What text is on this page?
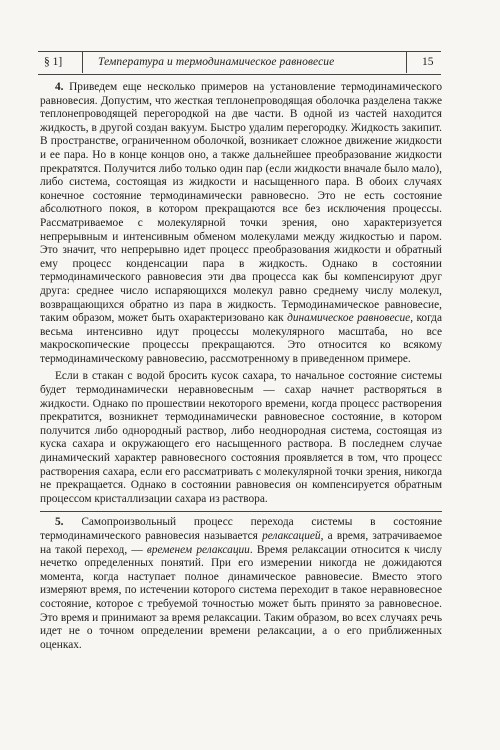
§ 1]	Температура и термодинамическое равновесие	15

4. Приведем еще несколько примеров на установление термодинамического равновесия. Допустим, что жесткая теплонепроводящая оболочка разделена также теплонепроводящей перегородкой на две части. В одной из частей находится жидкость, в другой создан вакуум. Быстро удалим перегородку. Жидкость закипит. В пространстве, ограниченном оболочкой, возникает сложное движение жидкости и ее пара. Но в конце концов оно, а также дальнейшее преобразование жидкости прекратятся. Получится либо только один пар (если жидкости вначале было мало), либо система, состоящая из жидкости и насыщенного пара. В обоих случаях конечное состояние термодинамически равновесно. Это не есть состояние абсолютного покоя, в котором прекращаются все без исключения процессы. Рассматриваемое с молекулярной точки зрения, оно характеризуется непрерывным и интенсивным обменом молекулами между жидкостью и паром. Это значит, что непрерывно идет процесс преобразования жидкости и обратный ему процесс конденсации пара в жидкость. Однако в состоянии термодинамического равновесия эти два процесса как бы компенсируют друг друга: среднее число испаряющихся молекул равно среднему числу молекул, возвращающихся обратно из пара в жидкость. Термодинамическое равновесие, таким образом, может быть охарактеризовано как динамическое равновесие, когда весьма интенсивно идут процессы молекулярного масштаба, но все макроскопические процессы прекращаются. Это относится ко всякому термодинамическому равновесию, рассмотренному в приведенном примере.

Если в стакан с водой бросить кусок сахара, то начальное состояние системы будет термодинамически неравновесным — сахар начнет растворяться в жидкости. Однако по прошествии некоторого времени, когда процесс растворения прекратится, возникнет термодинамически равновесное состояние, в котором получится либо однородный раствор, либо неоднородная система, состоящая из куска сахара и окружающего его насыщенного раствора. В последнем случае динамический характер равновесного состояния проявляется в том, что процесс растворения сахара, если его рассматривать с молекулярной точки зрения, никогда не прекращается. Однако в состоянии равновесия он компенсируется обратным процессом кристаллизации сахара из раствора.

5. Самопроизвольный процесс перехода системы в состояние термодинамического равновесия называется релаксацией, а время, затрачиваемое на такой переход, — временем релаксации. Время релаксации относится к числу нечетко определенных понятий. При его измерении никогда не дожидаются момента, когда наступает полное динамическое равновесие. Вместо этого измеряют время, по истечении которого система переходит в такое неравновесное состояние, которое с требуемой точностью может быть принято за равновесное. Это время и принимают за время релаксации. Таким образом, во всех случаях речь идет не о точном определении времени релаксации, а о его приближенных оценках.
